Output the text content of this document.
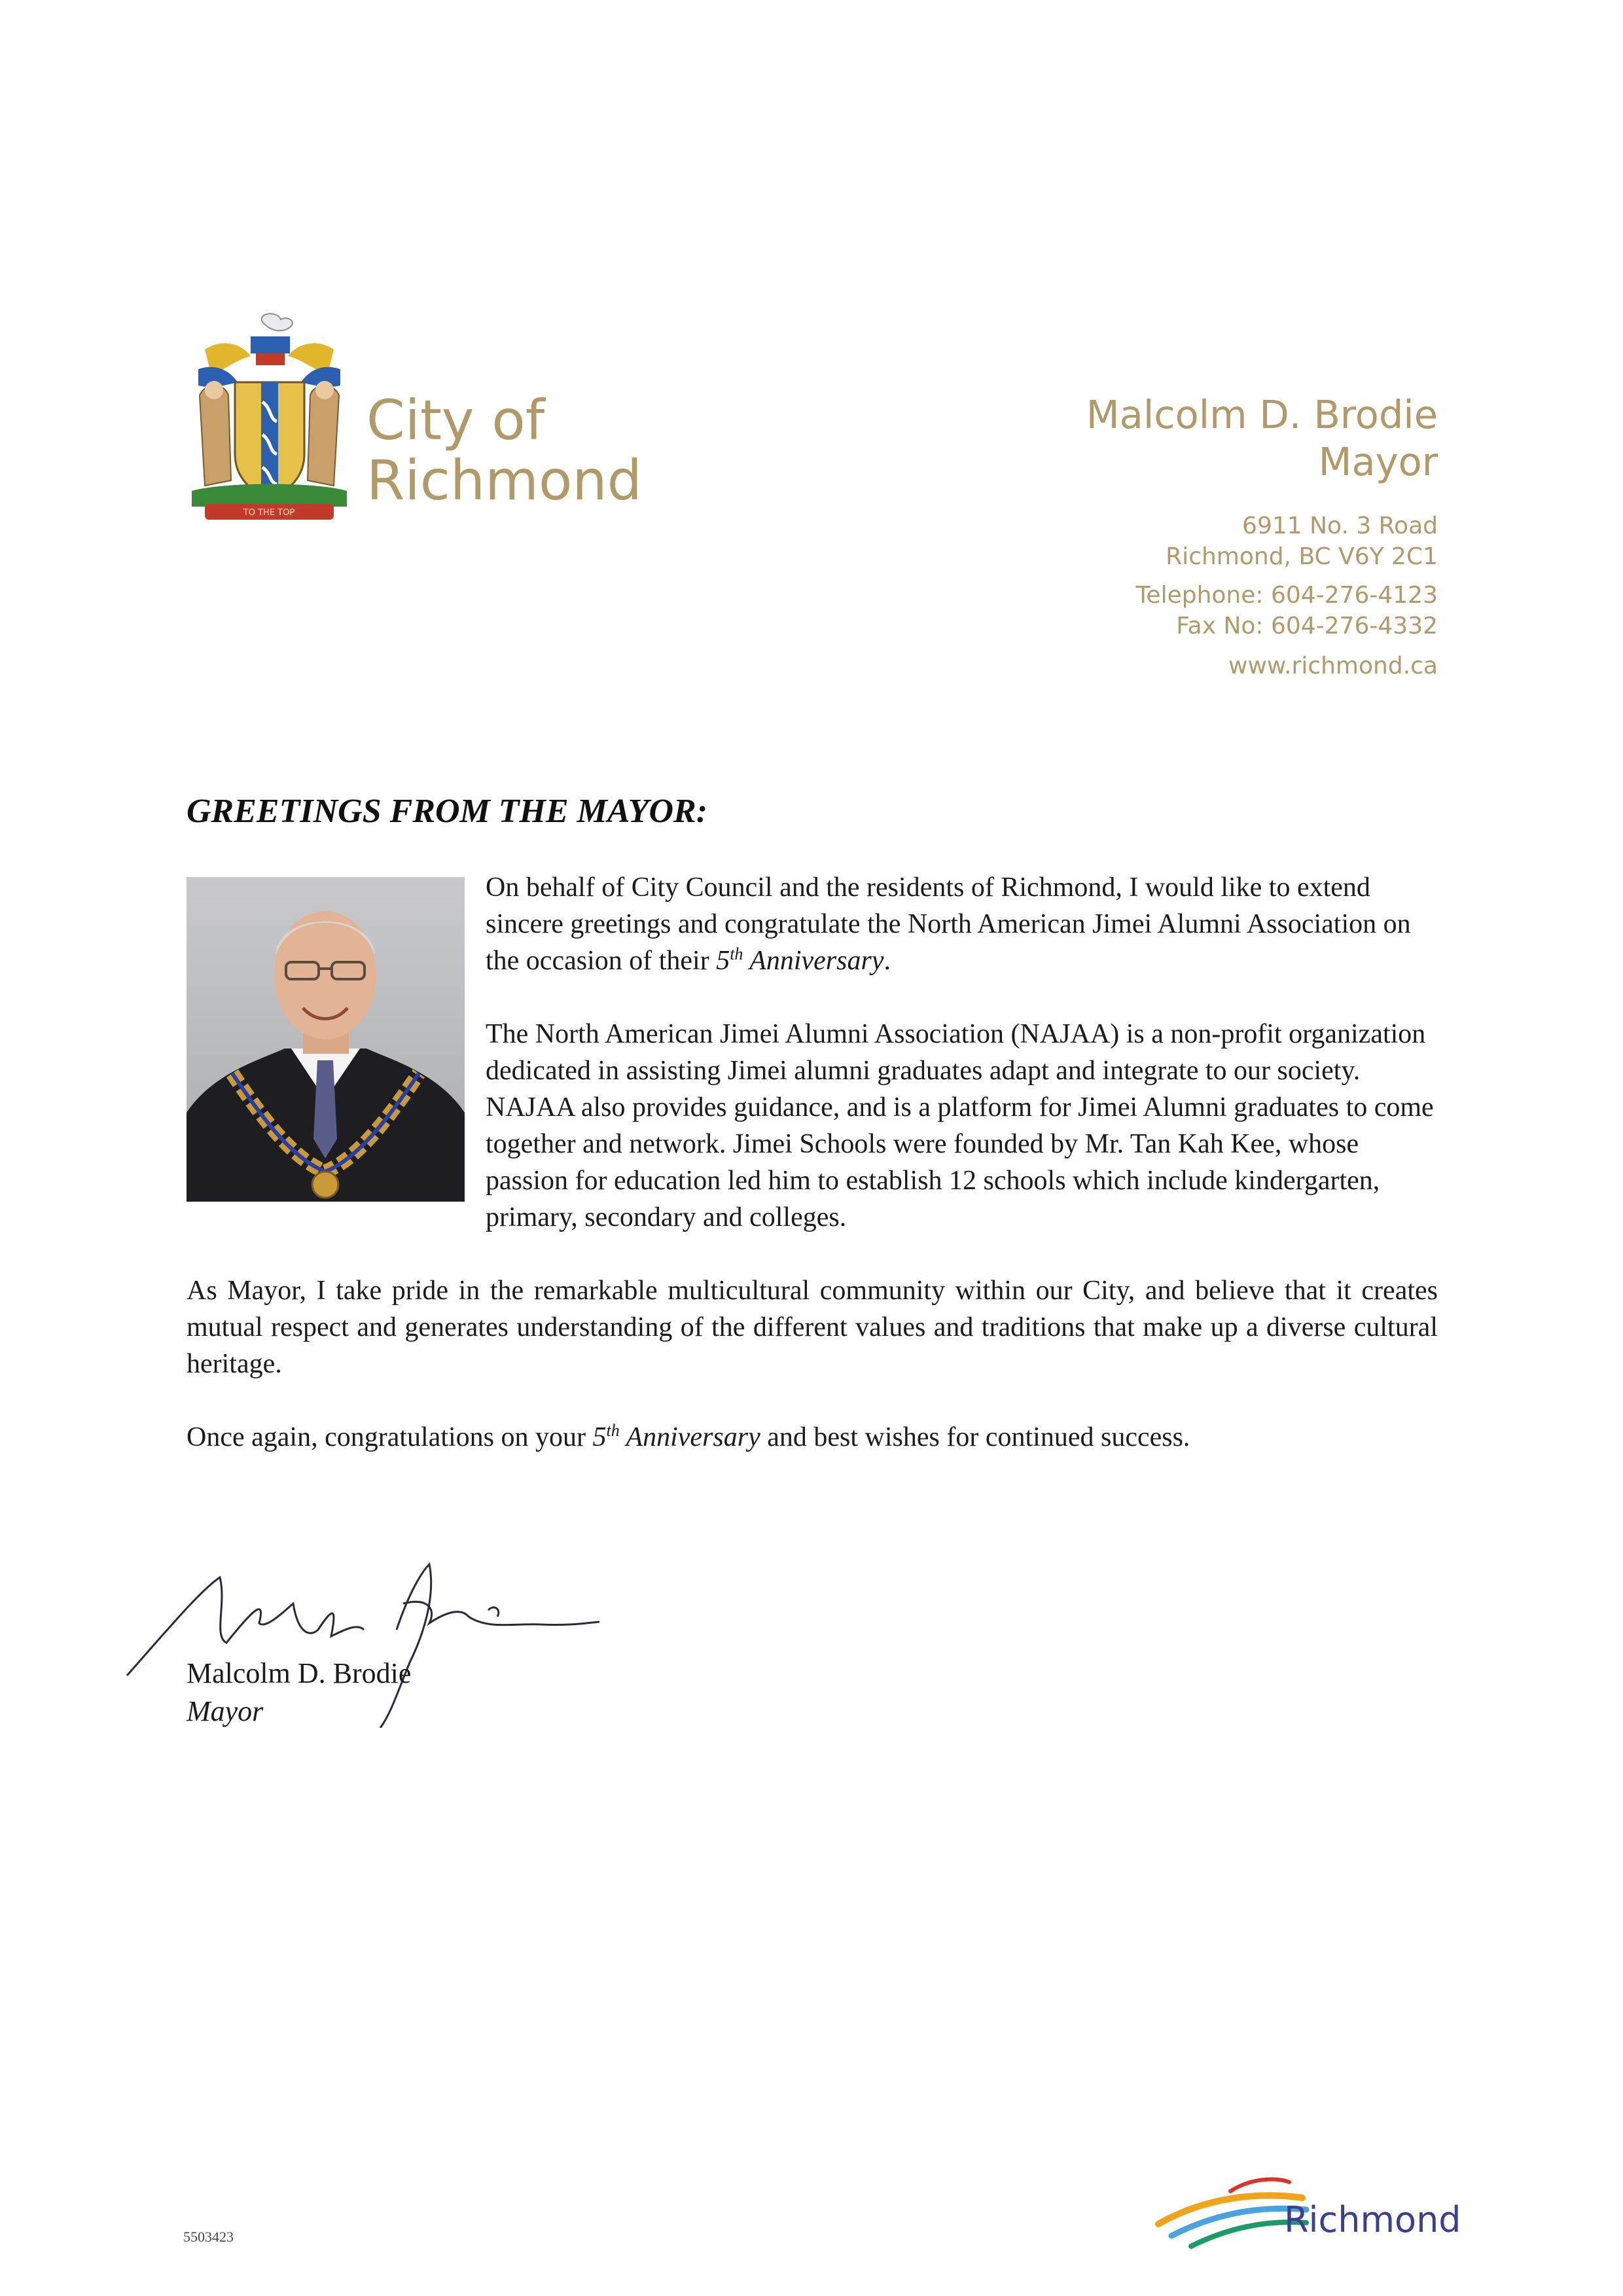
TO THE TOP
City of
Richmond
Malcolm D. Brodie
Mayor
6911 No. 3 Road
Richmond, BC V6Y 2C1
Telephone: 604-276-4123
Fax No: 604-276-4332
www.richmond.ca
GREETINGS FROM THE MAYOR:

On behalf of City Council and the residents of Richmond, I would like to extend sincere greetings and congratulate the North American Jimei Alumni Association on the occasion of their 5th Anniversary.

The North American Jimei Alumni Association (NAJAA) is a non-profit organization dedicated in assisting Jimei alumni graduates adapt and integrate to our society. NAJAA also provides guidance, and is a platform for Jimei Alumni graduates to come together and network. Jimei Schools were founded by Mr. Tan Kah Kee, whose passion for education led him to establish 12 schools which include kindergarten, primary, secondary and colleges.

As Mayor, I take pride in the remarkable multicultural community within our City, and believe that it creates mutual respect and generates understanding of the different values and traditions that make up a diverse cultural heritage.

Once again, congratulations on your 5th Anniversary and best wishes for continued success.

Malcolm D. Brodie
Mayor
5503423	Richmond
